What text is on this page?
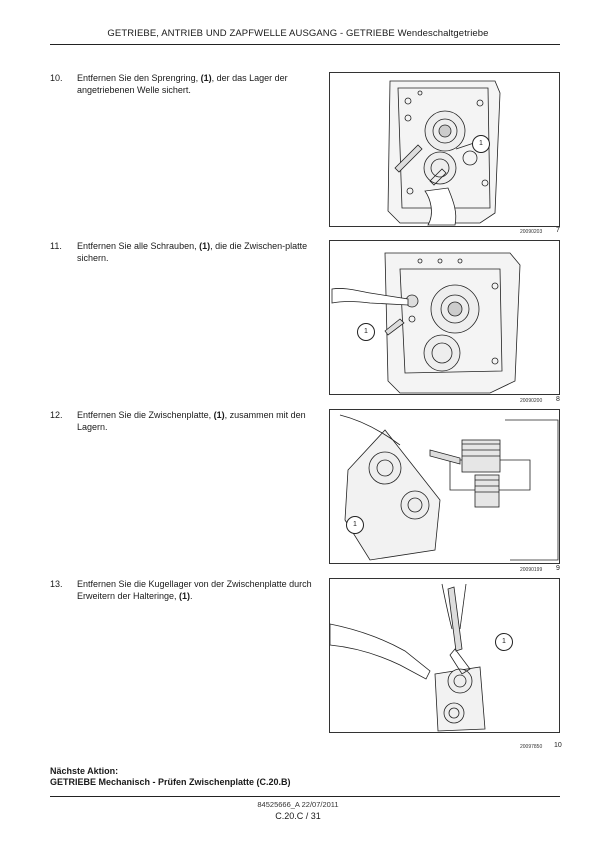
GETRIEBE, ANTRIEB UND ZAPFWELLE AUSGANG - GETRIEBE Wendeschaltgetriebe
10. Entfernen Sie den Sprengring, (1), der das Lager der angetriebenen Welle sichert.
1
20090203 7
11. Entfernen Sie alle Schrauben, (1), die die Zwischen-platte sichern.
1
20090200 8
12. Entfernen Sie die Zwischenplatte, (1), zusammen mit den Lagern.
1
20090199 9
13. Entfernen Sie die Kugellager von der Zwischenplatte durch Erweitern der Halteringe, (1).
1
20097850 10
Nächste Aktion:
GETRIEBE Mechanisch - Prüfen Zwischenplatte (C.20.B)
84525666_A 22/07/2011
C.20.C / 31
